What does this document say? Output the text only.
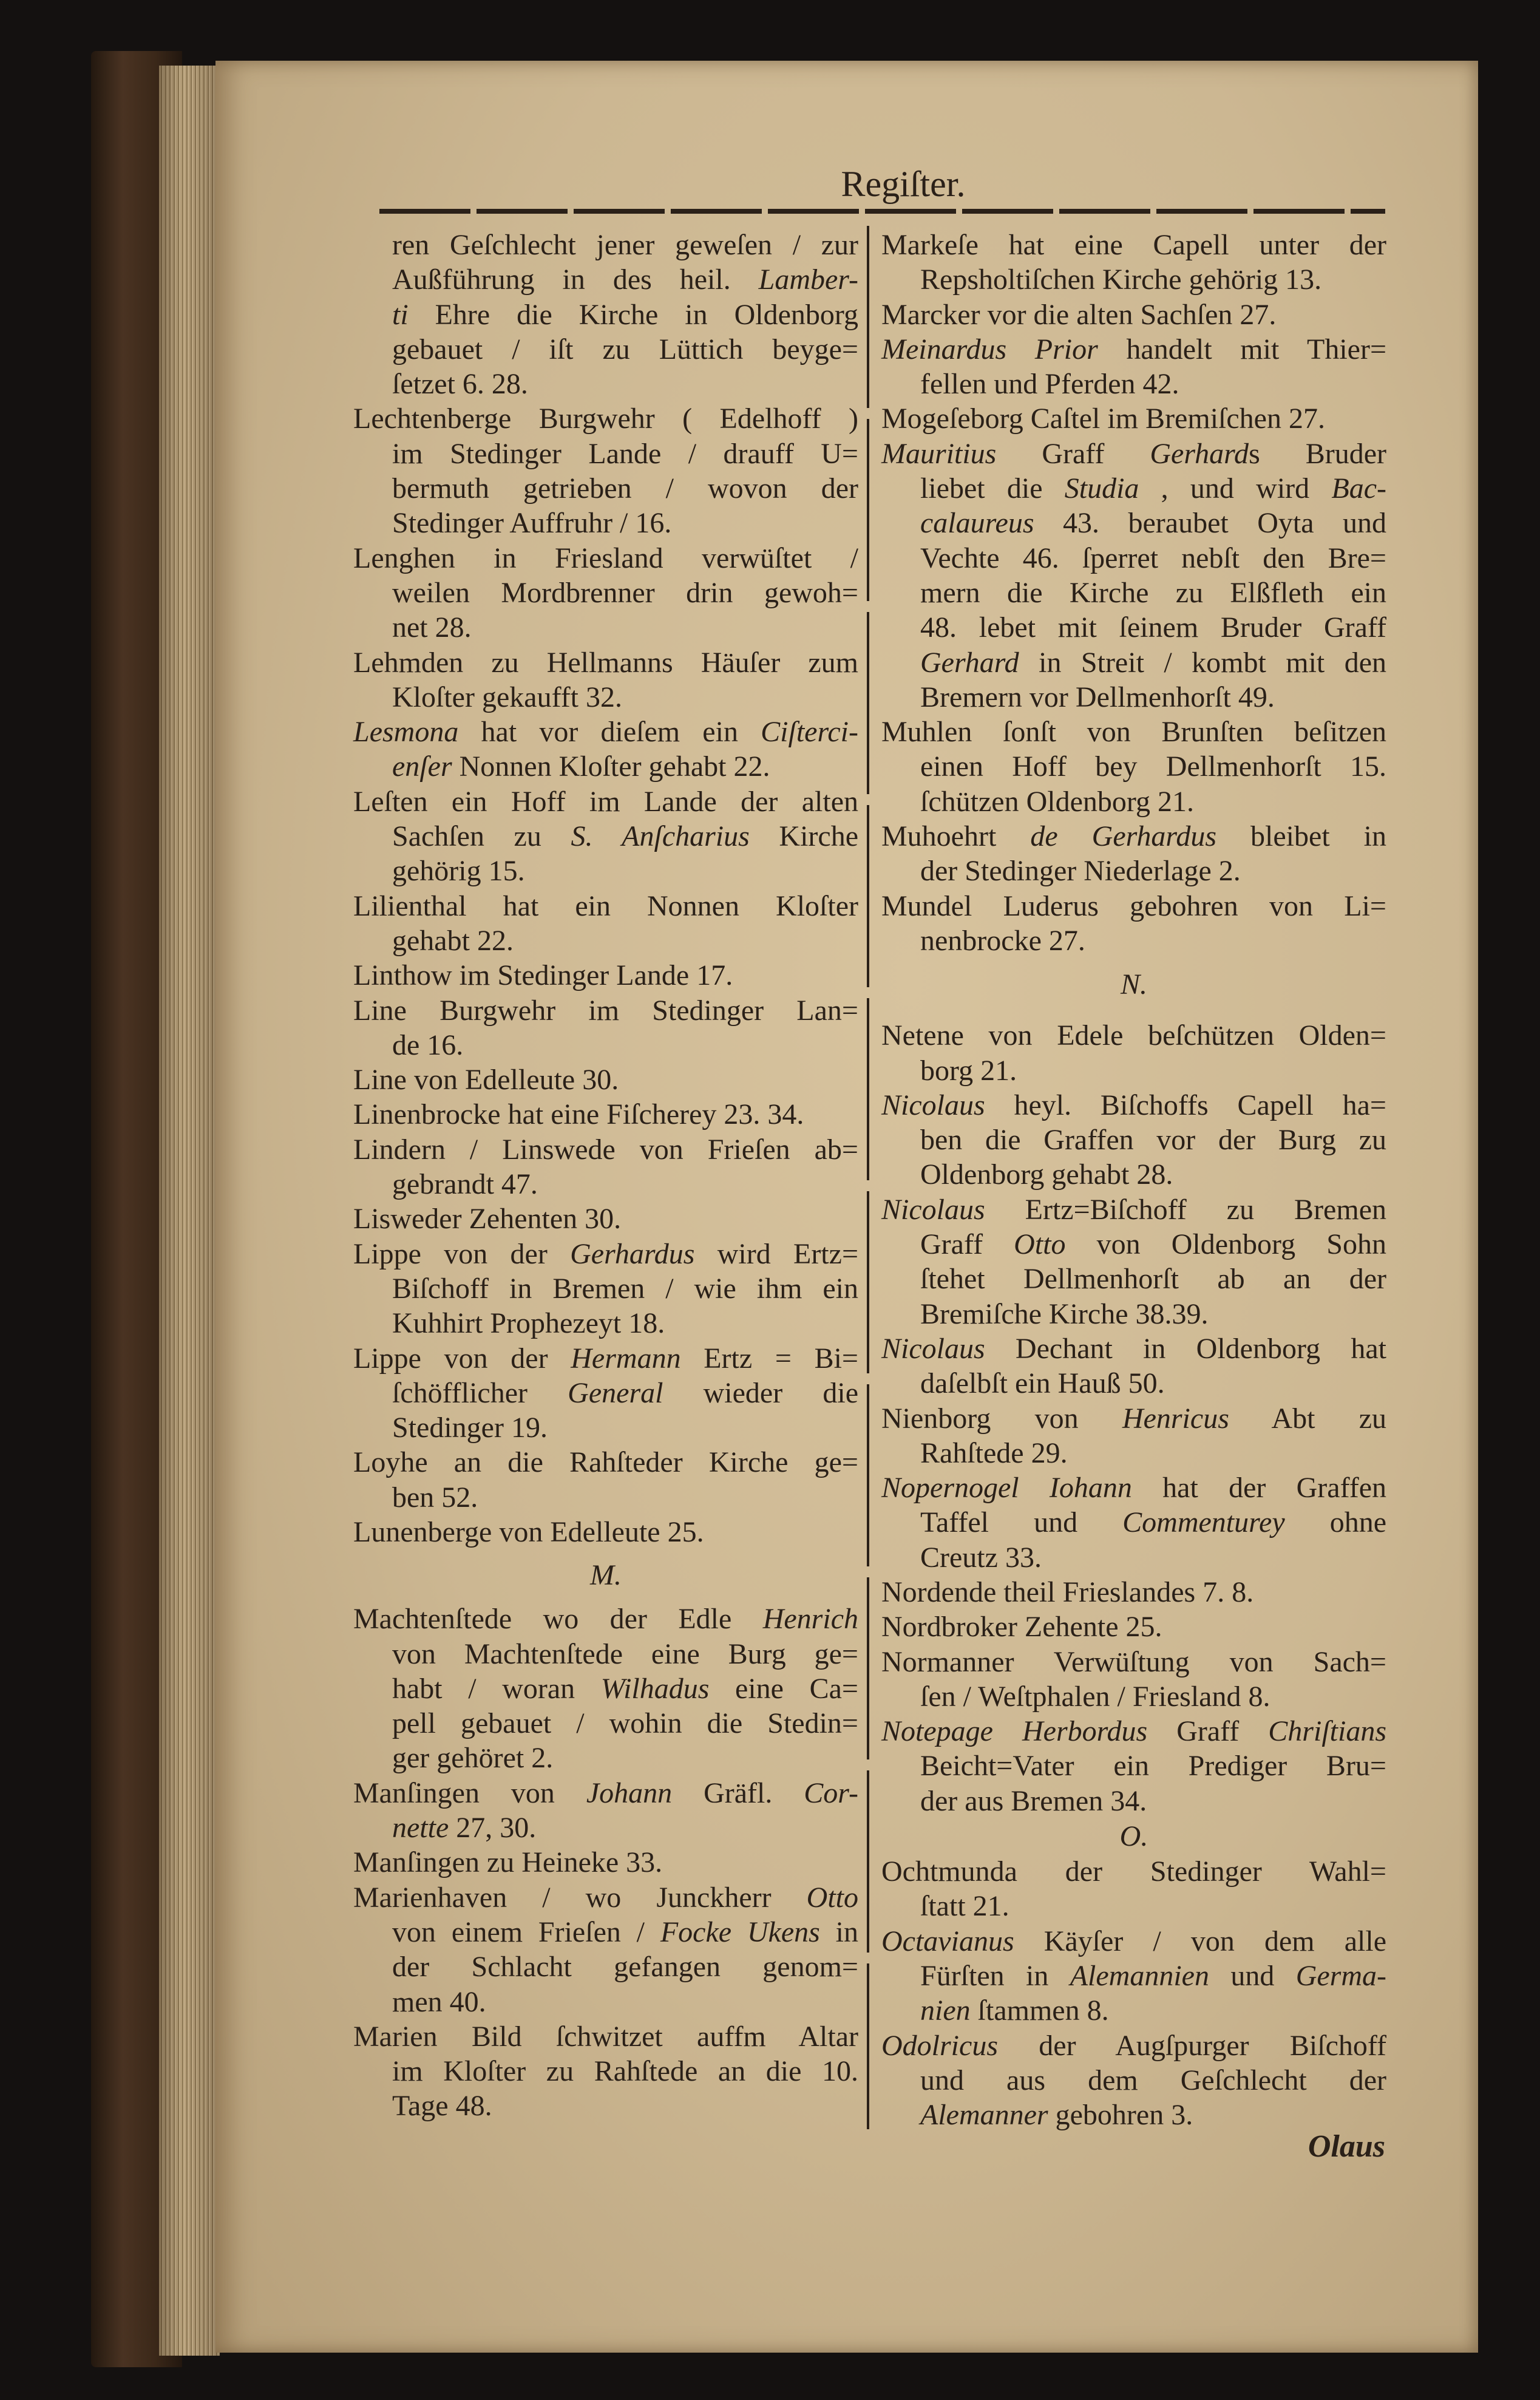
Regiſter.
ren Geſchlecht jener geweſen / zur
Außführung in des heil. Lamber-
ti Ehre die Kirche in Oldenborg
gebauet / iſt zu Lüttich beyge=
ſetzet 6. 28.
Lechtenberge Burgwehr ( Edelhoff )
im Stedinger Lande / drauff U=
bermuth getrieben / wovon der
Stedinger Auffruhr / 16.
Lenghen in Friesland verwüſtet /
weilen Mordbrenner drin gewoh=
net 28.
Lehmden zu Hellmanns Häuſer zum
Kloſter gekaufft 32.
Lesmona hat vor dieſem ein Ciſterci-
enſer Nonnen Kloſter gehabt 22.
Leſten ein Hoff im Lande der alten
Sachſen zu S. Anſcharius Kirche
gehörig 15.
Lilienthal hat ein Nonnen Kloſter
gehabt 22.
Linthow im Stedinger Lande 17.
Line Burgwehr im Stedinger Lan=
de 16.
Line von Edelleute 30.
Linenbrocke hat eine Fiſcherey 23. 34.
Lindern / Linswede von Frieſen ab=
gebrandt 47.
Lisweder Zehenten 30.
Lippe von der Gerhardus wird Ertz=
Biſchoff in Bremen / wie ihm ein
Kuhhirt Prophezeyt 18.
Lippe von der Hermann Ertz = Bi=
ſchöfflicher General wieder die
Stedinger 19.
Loyhe an die Rahſteder Kirche ge=
ben 52.
Lunenberge von Edelleute 25.
M.
Machtenſtede wo der Edle Henrich
von Machtenſtede eine Burg ge=
habt / woran Wilhadus eine Ca=
pell gebauet / wohin die Stedin=
ger gehöret 2.
Manſingen von Johann Gräfl. Cor-
nette 27, 30.
Manſingen zu Heineke 33.
Marienhaven / wo Junckherr Otto
von einem Frieſen / Focke Ukens in
der Schlacht gefangen genom=
men 40.
Marien Bild ſchwitzet auffm Altar
im Kloſter zu Rahſtede an die 10.
Tage 48.
Markeſe hat eine Capell unter der
Repsholtiſchen Kirche gehörig 13.
Marcker vor die alten Sachſen 27.
Meinardus Prior handelt mit Thier=
fellen und Pferden 42.
Mogeſeborg Caſtel im Bremiſchen 27.
Mauritius Graff Gerhards Bruder
liebet die Studia , und wird Bac-
calaureus 43. beraubet Oyta und
Vechte 46. ſperret nebſt den Bre=
mern die Kirche zu Elßfleth ein
48. lebet mit ſeinem Bruder Graff
Gerhard in Streit / kombt mit den
Bremern vor Dellmenhorſt 49.
Muhlen ſonſt von Brunſten beſitzen
einen Hoff bey Dellmenhorſt 15.
ſchützen Oldenborg 21.
Muhoehrt de Gerhardus bleibet in
der Stedinger Niederlage 2.
Mundel Luderus gebohren von Li=
nenbrocke 27.
N.
Netene von Edele beſchützen Olden=
borg 21.
Nicolaus heyl. Biſchoffs Capell ha=
ben die Graffen vor der Burg zu
Oldenborg gehabt 28.
Nicolaus Ertz=Biſchoff zu Bremen
Graff Otto von Oldenborg Sohn
ſtehet Dellmenhorſt ab an der
Bremiſche Kirche 38.39.
Nicolaus Dechant in Oldenborg hat
daſelbſt ein Hauß 50.
Nienborg von Henricus Abt zu
Rahſtede 29.
Nopernogel Iohann hat der Graffen
Taffel und Commenturey ohne
Creutz 33.
Nordende theil Frieslandes 7. 8.
Nordbroker Zehente 25.
Normanner Verwüſtung von Sach=
ſen / Weſtphalen / Friesland 8.
Notepage Herbordus Graff Chriſtians
Beicht=Vater ein Prediger Bru=
der aus Bremen 34.
O.
Ochtmunda der Stedinger Wahl=
ſtatt 21.
Octavianus Käyſer / von dem alle
Fürſten in Alemannien und Germa-
nien ſtammen 8.
Odolricus der Augſpurger Biſchoff
und aus dem Geſchlecht der
Alemanner gebohren 3.
Olaus
